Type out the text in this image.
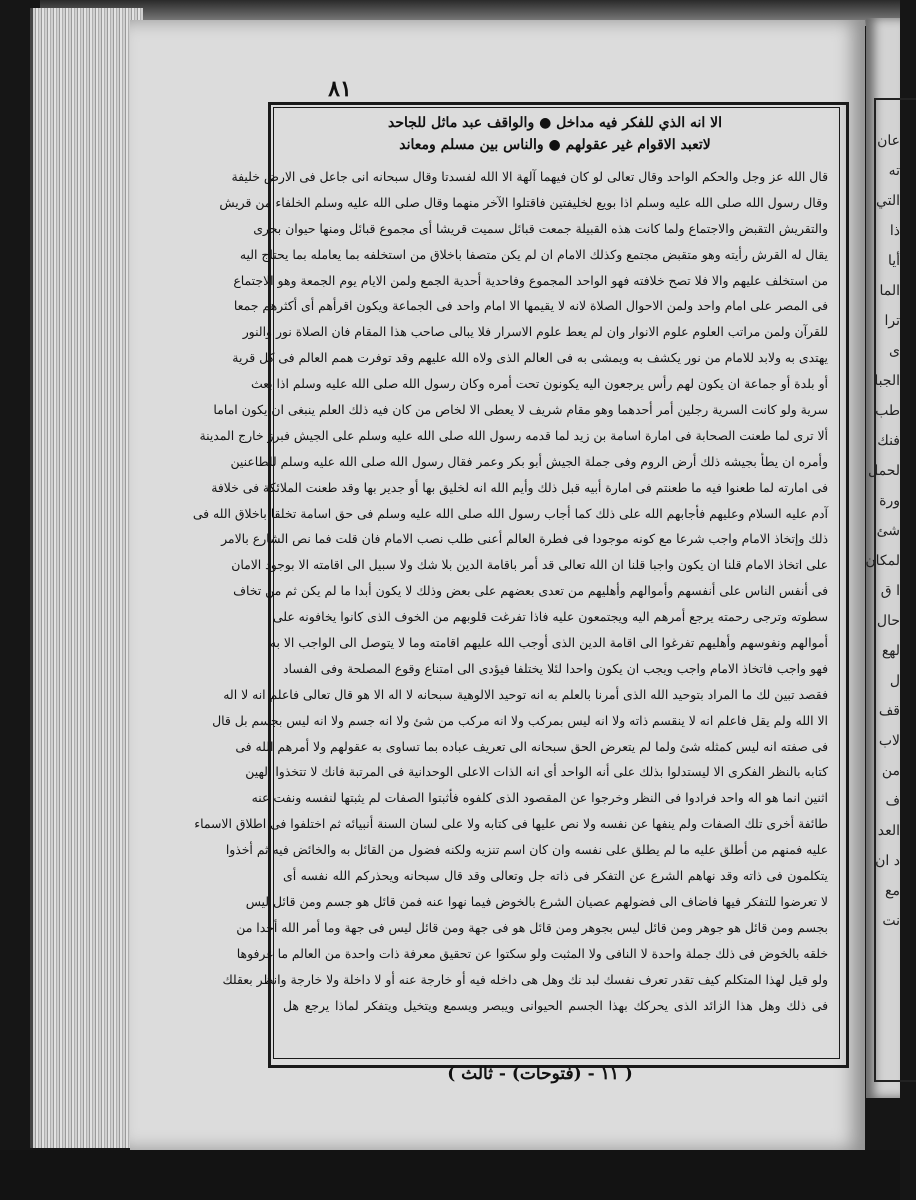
عان
ته
التي
ذا
أيا
الما
ترا
ى
الجبا
طب
فنك
لحمل
ورة
شئ
لمكان
ا ق
حال
لهع
ل
قف
لاب
من
ف
العد
د ان
مع
نت
٨١
الا انه الذي للفكر فيه مداخل ● والواقف عبد ماثل للجاحد
لاتعبد الاقوام غير عقولهم ● والناس بين مسلم ومعاند
قال الله عز وجل والحكم الواحد وقال تعالى لو كان فيهما آلهة الا الله لفسدتا وقال سبحانه انى جاعل فى الارض خليفة
وقال رسول الله صلى الله عليه وسلم اذا بويع لخليفتين فاقتلوا الآخر منهما وقال صلى الله عليه وسلم الخلفاء من قريش
والتقريش التقبض والاجتماع ولما كانت هذه القبيلة جمعت قبائل سميت قريشا أى مجموع قبائل ومنها حيوان بحرى
يقال له القرش رأيته وهو متقبض مجتمع وكذلك الامام ان لم يكن متصفا باخلاق من استخلفه بما يعامله بما يحتاج اليه
من استخلف عليهم والا فلا تصح خلافته فهو الواحد المجموع وفاحدية أحدية الجمع ولمن الايام يوم الجمعة وهو الاجتماع
فى المصر على امام واحد ولمن الاحوال الصلاة لانه لا يقيمها الا امام واحد فى الجماعة ويكون اقرأهم أى أكثرهم جمعا
للقرآن ولمن مراتب العلوم علوم الانوار وان لم يعط علوم الاسرار فلا يبالى صاحب هذا المقام فان الصلاة نور والنور
يهتدى به ولابد للامام من نور يكشف به ويمشى به فى العالم الذى ولاه الله عليهم وقد توفرت همم العالم فى كل قرية
أو بلدة أو جماعة ان يكون لهم رأس يرجعون اليه يكونون تحت أمره وكان رسول الله صلى الله عليه وسلم اذا بعث
سرية ولو كانت السرية رجلين أمر أحدهما وهو مقام شريف لا يعطى الا لخاص من كان فيه ذلك العلم ينبغى ان يكون اماما
ألا ترى لما طعنت الصحابة فى امارة اسامة بن زيد لما قدمه رسول الله صلى الله عليه وسلم على الجيش فبرز خارج المدينة
وأمره ان يطأ بجيشه ذلك أرض الروم وفى جملة الجيش أبو بكر وعمر فقال رسول الله صلى الله عليه وسلم للطاعنين
فى امارته لما طعنوا فيه ما طعنتم فى امارة أبيه قبل ذلك وأيم الله انه لخليق بها أو جدير بها وقد طعنت الملائكة فى خلافة
آدم عليه السلام وعليهم فأجابهم الله على ذلك كما أجاب رسول الله صلى الله عليه وسلم فى حق اسامة تخلقا باخلاق الله فى
ذلك وإتخاذ الامام واجب شرعا مع كونه موجودا فى فطرة العالم أعنى طلب نصب الامام فان قلت فما نص الشارع بالامر
على اتخاذ الامام قلنا ان يكون واجبا قلنا ان الله تعالى قد أمر باقامة الدين بلا شك ولا سبيل الى اقامته الا بوجود الامان
فى أنفس الناس على أنفسهم وأموالهم وأهليهم من تعدى بعضهم على بعض وذلك لا يكون أبدا ما لم يكن ثم من تخاف
سطوته وترجى رحمته يرجع أمرهم اليه ويجتمعون عليه فاذا تفرغت قلوبهم من الخوف الذى كانوا يخافونه على
أموالهم ونفوسهم وأهليهم تفرغوا الى اقامة الدين الذى أوجب الله عليهم اقامته وما لا يتوصل الى الواجب الا به
فهو واجب فاتخاذ الامام واجب ويجب ان يكون واحدا لئلا يختلفا فيؤدى الى امتناع وقوع المصلحة وفى الفساد
فقصد تبين لك ما المراد بتوحيد الله الذى أمرنا بالعلم به انه توحيد الالوهية سبحانه لا اله الا هو قال تعالى فاعلم انه لا اله
الا الله ولم يقل فاعلم انه لا ينقسم ذاته ولا انه ليس بمركب ولا انه مركب من شئ ولا انه جسم ولا انه ليس بجسم بل قال
فى صفته انه ليس كمثله شئ ولما لم يتعرض الحق سبحانه الى تعريف عباده بما تساوى به عقولهم ولا أمرهم الله فى
كتابه بالنظر الفكرى الا ليستدلوا بذلك على أنه الواحد أى انه الذات الاعلى الوحدانية فى المرتبة فانك لا تتخذوا الهين
اثنين انما هو اله واحد فرادوا فى النظر وخرجوا عن المقصود الذى كلفوه فأثبتوا الصفات لم يثبتها لنفسه ونفت عنه
طائفة أخرى تلك الصفات ولم ينفها عن نفسه ولا نص عليها فى كتابه ولا على لسان السنة أنبيائه ثم اختلفوا فى اطلاق الاسماء
عليه فمنهم من أطلق عليه ما لم يطلق على نفسه وان كان اسم تنزيه ولكنه فضول من القائل به والخائض فيه ثم أخذوا
يتكلمون فى ذاته وقد نهاهم الشرع عن التفكر فى ذاته جل وتعالى وقد قال سبحانه ويحذركم الله نفسه أى
لا تعرضوا للتفكر فيها فاضاف الى فضولهم عصيان الشرع بالخوض فيما نهوا عنه فمن قائل هو جسم ومن قائل ليس
بجسم ومن قائل هو جوهر ومن قائل ليس بجوهر ومن قائل هو فى جهة ومن قائل ليس فى جهة وما أمر الله أحدا من
خلقه بالخوض فى ذلك جملة واحدة لا النافى ولا المثبت ولو سكتوا عن تحقيق معرفة ذات واحدة من العالم ما عرفوها
ولو قيل لهذا المتكلم كيف تقدر تعرف نفسك لبد نك وهل هى داخله فيه أو خارجة عنه أو لا داخلة ولا خارجة وانظر بعقلك
فى ذلك وهل هذا الزائد الذى يحركك بهذا الجسم الحيوانى ويبصر ويسمع ويتخيل ويتفكر لماذا يرجع هل
( ١١ - (فتوحات) - ثالث )
